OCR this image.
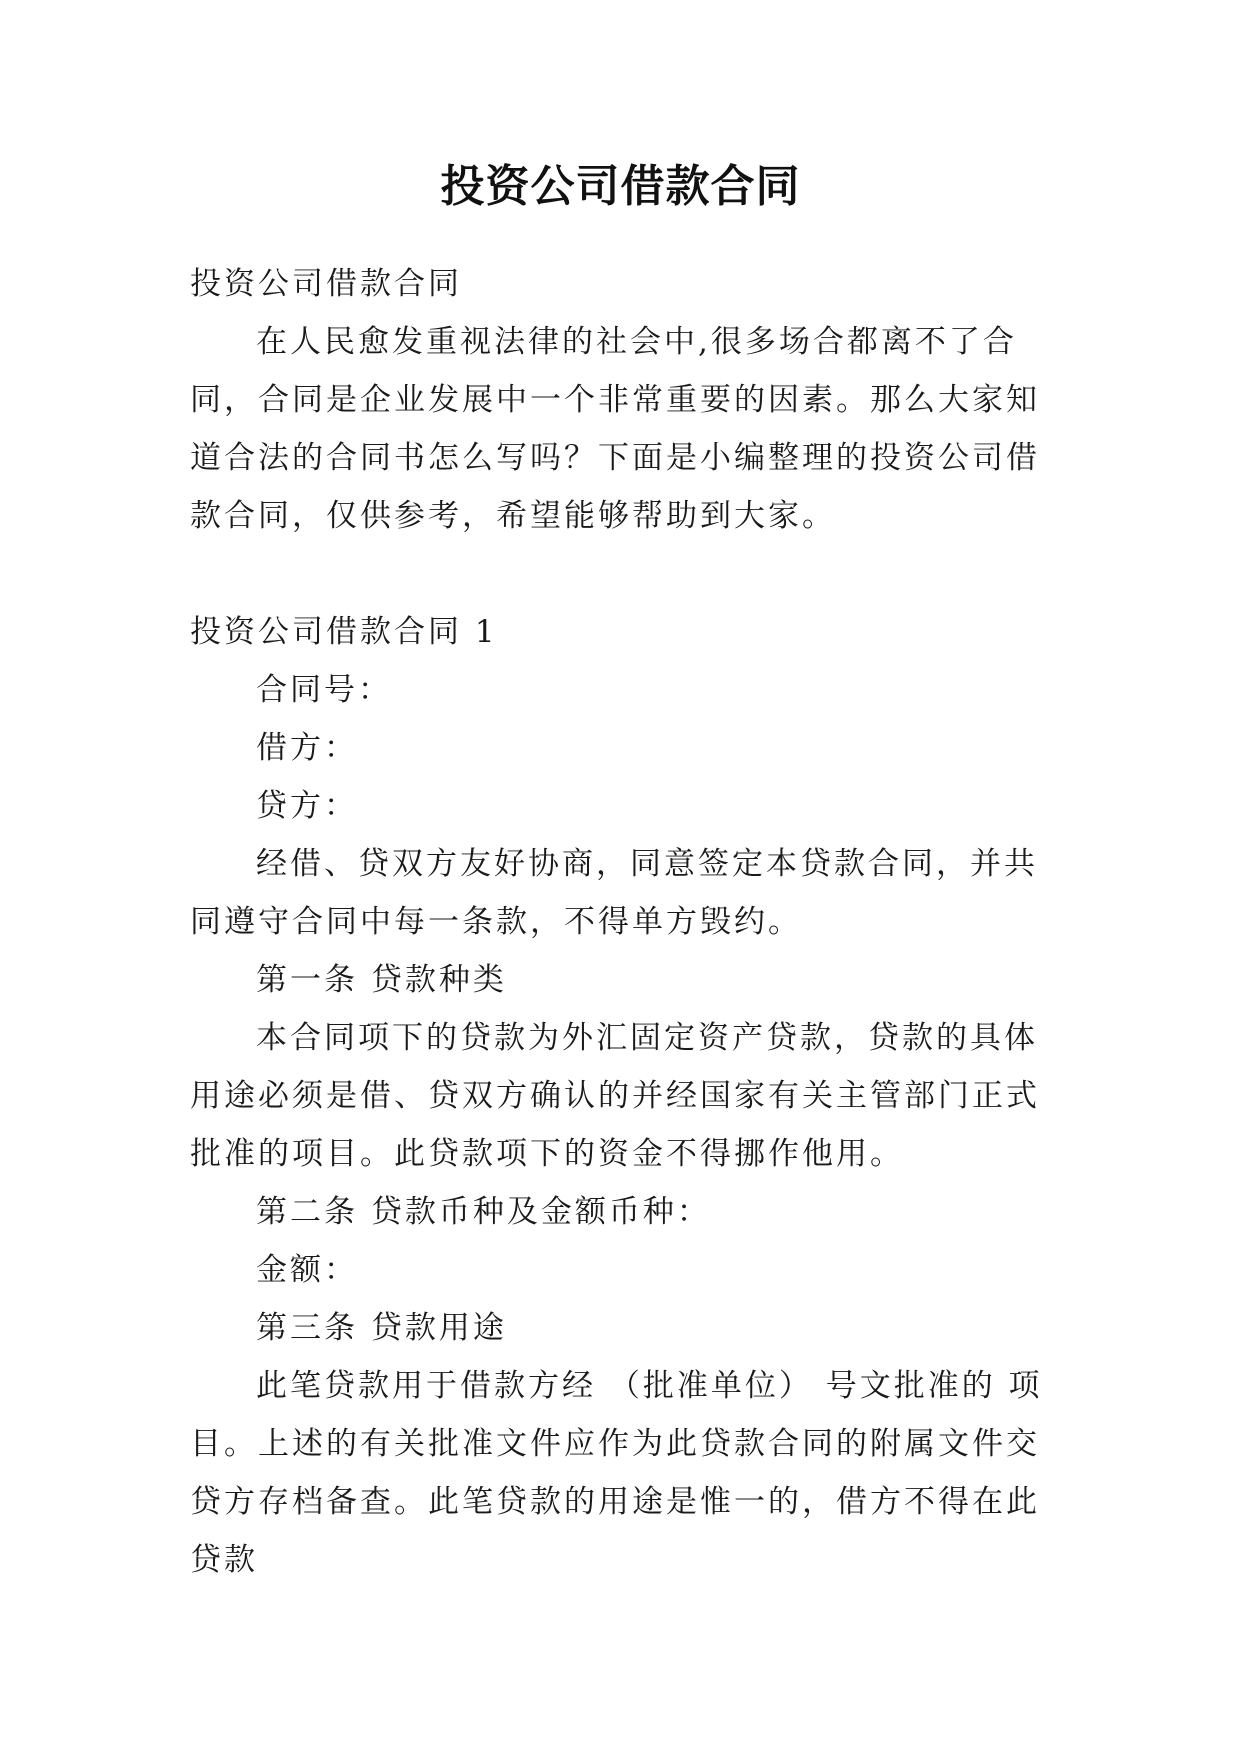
投资公司借款合同

投资公司借款合同

在人民愈发重视法律的社会中,很多场合都离不了合同，合同是企业发展中一个非常重要的因素。那么大家知道合法的合同书怎么写吗？下面是小编整理的投资公司借款合同，仅供参考，希望能够帮助到大家。

投资公司借款合同 1

合同号：

借方：

贷方：

经借、贷双方友好协商，同意签定本贷款合同，并共同遵守合同中每一条款，不得单方毁约。

第一条 贷款种类

本合同项下的贷款为外汇固定资产贷款，贷款的具体用途必须是借、贷双方确认的并经国家有关主管部门正式批准的项目。此贷款项下的资金不得挪作他用。

第二条 贷款币种及金额币种：

金额：

第三条 贷款用途

此笔贷款用于借款方经 （批准单位） 号文批准的 项目。上述的有关批准文件应作为此贷款合同的附属文件交贷方存档备查。此笔贷款的用途是惟一的，借方不得在此贷款
